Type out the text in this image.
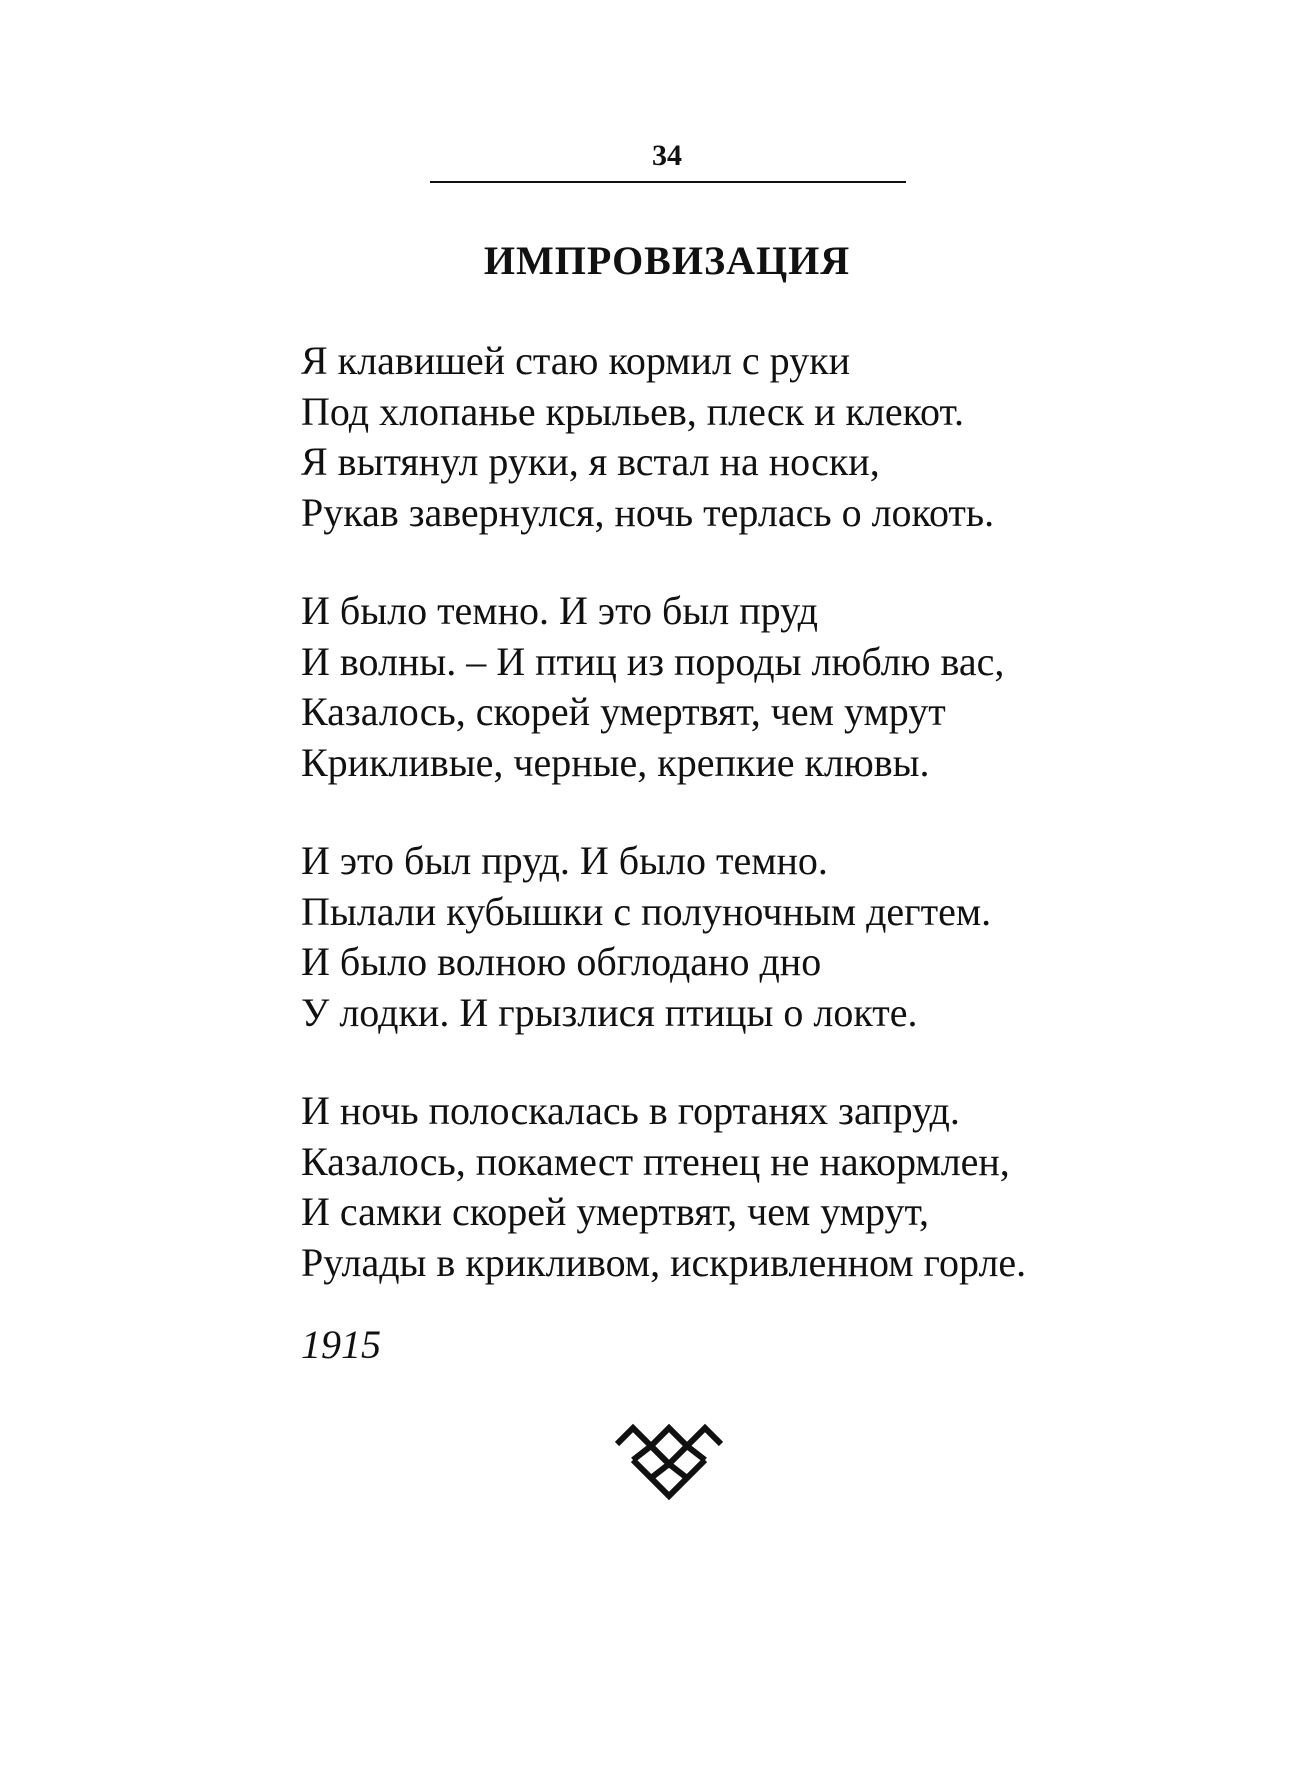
34
ИМПРОВИЗАЦИЯ
Я клавишей стаю кормил с руки
Под хлопанье крыльев, плеск и клекот.
Я вытянул руки, я встал на носки,
Рукав завернулся, ночь терлась о локоть.
И было темно. И это был пруд
И волны. – И птиц из породы люблю вас,
Казалось, скорей умертвят, чем умрут
Крикливые, черные, крепкие клювы.
И это был пруд. И было темно.
Пылали кубышки с полуночным дегтем.
И было волною обглодано дно
У лодки. И грызлися птицы о локте.
И ночь полоскалась в гортанях запруд.
Казалось, покамест птенец не накормлен,
И самки скорей умертвят, чем умрут,
Рулады в крикливом, искривленном горле.
1915
